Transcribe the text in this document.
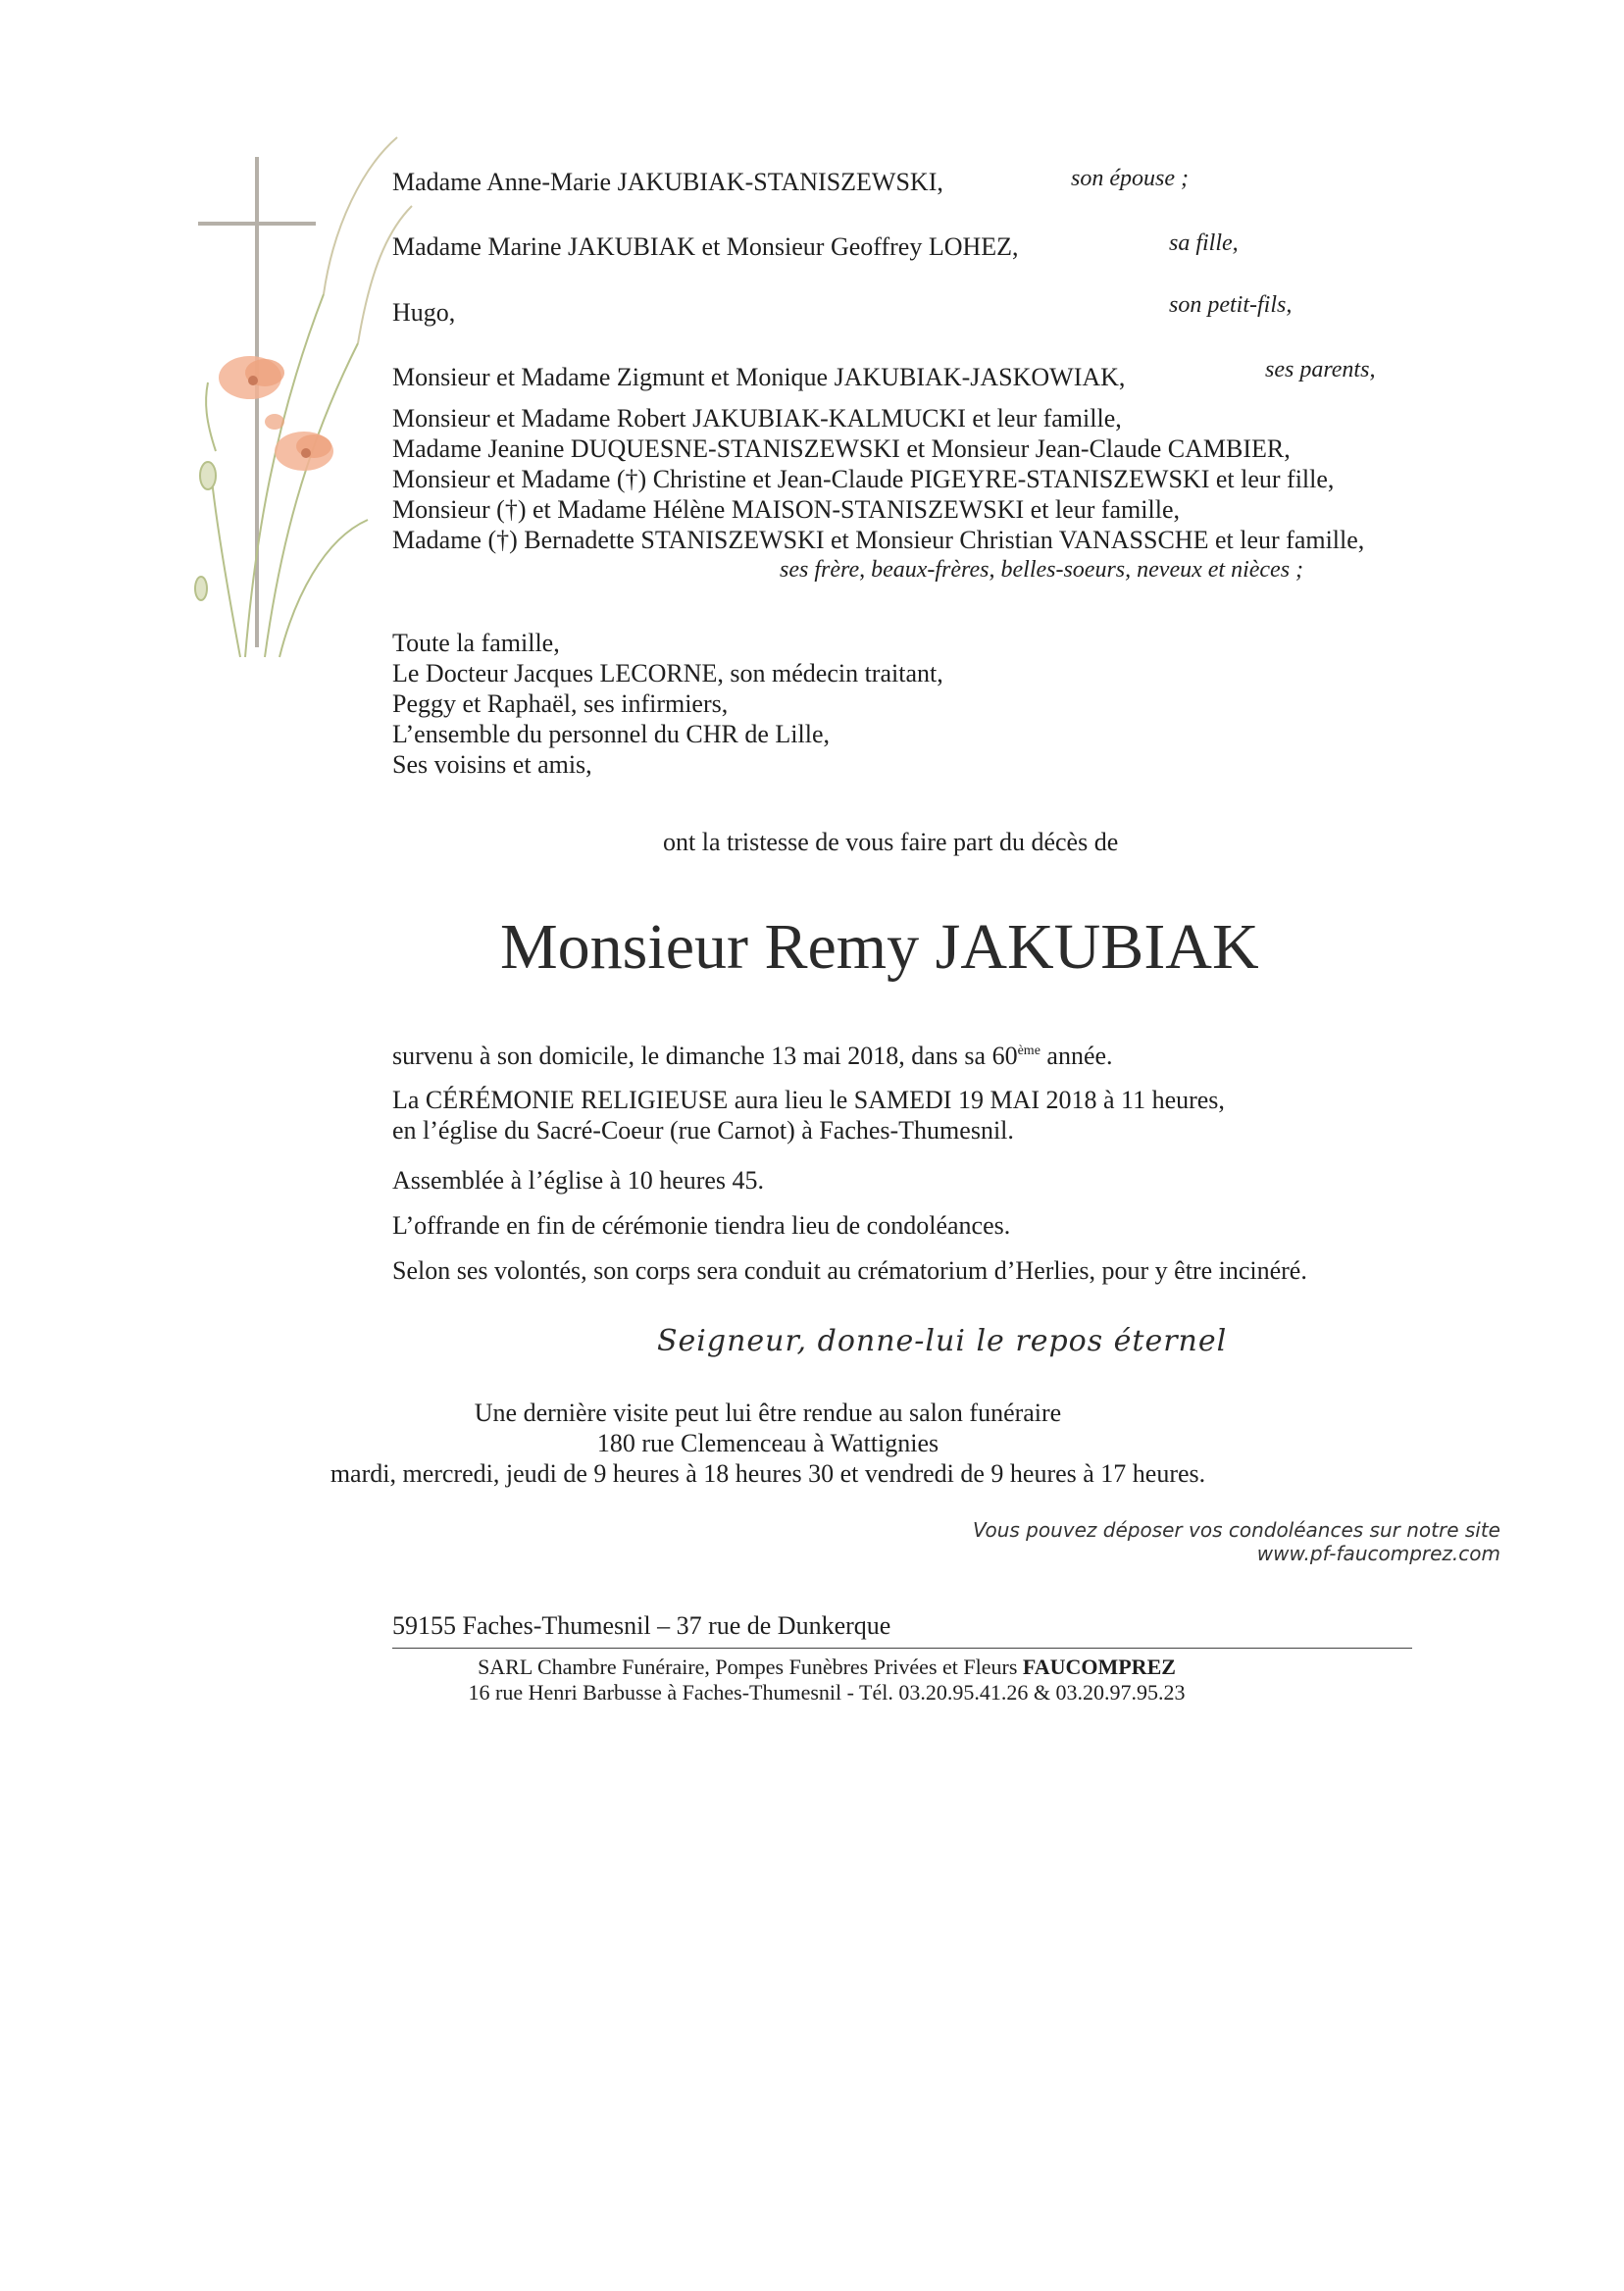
Madame Anne-Marie JAKUBIAK-STANISZEWSKI,	son épouse ;
Madame Marine JAKUBIAK et Monsieur Geoffrey LOHEZ,	sa fille,
Hugo,	son petit-fils,
Monsieur et Madame Zigmunt et Monique JAKUBIAK-JASKOWIAK,	ses parents,
Monsieur et Madame Robert JAKUBIAK-KALMUCKI et leur famille,
Madame Jeanine DUQUESNE-STANISZEWSKI et Monsieur Jean-Claude CAMBIER,
Monsieur et Madame (†) Christine et Jean-Claude PIGEYRE-STANISZEWSKI et leur fille,
Monsieur (†) et Madame Hélène MAISON-STANISZEWSKI et leur famille,
Madame (†) Bernadette STANISZEWSKI et Monsieur Christian VANASSCHE et leur famille,
ses frère, beaux-frères, belles-soeurs, neveux et nièces ;
Toute la famille,
Le Docteur Jacques LECORNE, son médecin traitant,
Peggy et Raphaël, ses infirmiers,
L’ensemble du personnel du CHR de Lille,
Ses voisins et amis,
ont la tristesse de vous faire part du décès de
Monsieur Remy JAKUBIAK
survenu à son domicile, le dimanche 13 mai 2018, dans sa 60ème année.
La CÉRÉMONIE RELIGIEUSE aura lieu le SAMEDI 19 MAI 2018 à 11 heures,
en l’église du Sacré-Coeur (rue Carnot) à Faches-Thumesnil.
Assemblée à l’église à 10 heures 45.
L’offrande en fin de cérémonie tiendra lieu de condoléances.
Selon ses volontés, son corps sera conduit au crématorium d’Herlies, pour y être incinéré.
Seigneur, donne-lui le repos éternel
Une dernière visite peut lui être rendue au salon funéraire
180 rue Clemenceau à Wattignies
mardi, mercredi, jeudi de 9 heures à 18 heures 30 et vendredi de 9 heures à 17 heures.
Vous pouvez déposer vos condoléances sur notre site
www.pf-faucomprez.com
59155 Faches-Thumesnil – 37 rue de Dunkerque
SARL Chambre Funéraire, Pompes Funèbres Privées et Fleurs FAUCOMPREZ
16 rue Henri Barbusse à Faches-Thumesnil - Tél. 03.20.95.41.26 & 03.20.97.95.23
